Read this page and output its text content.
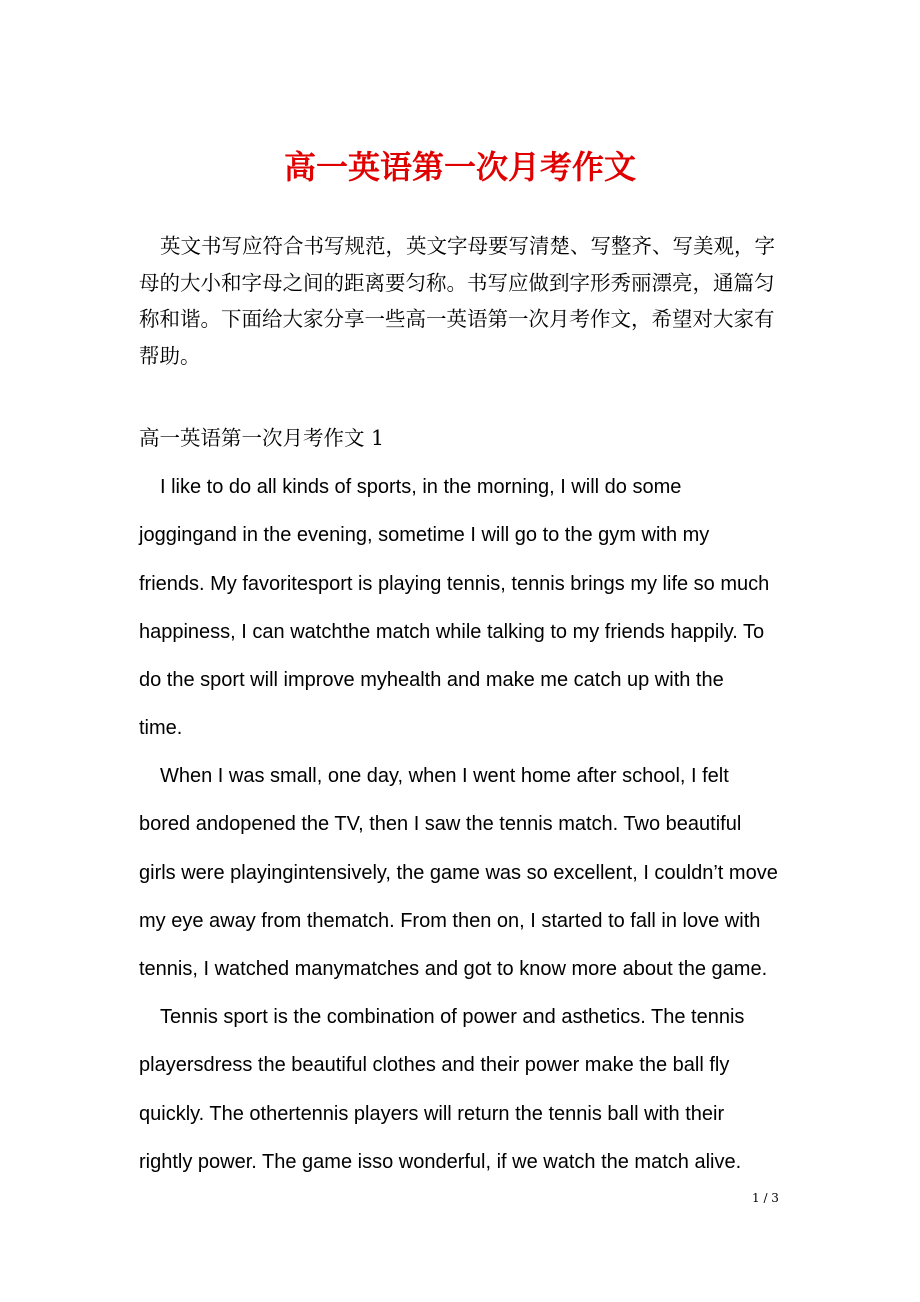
高一英语第一次月考作文

英文书写应符合书写规范，英文字母要写清楚、写整齐、写美观，字母的大小和字母之间的距离要匀称。书写应做到字形秀丽漂亮，通篇匀称和谐。下面给大家分享一些高一英语第一次月考作文，希望对大家有帮助。

高一英语第一次月考作文 1

I like to do all kinds of sports, in the morning, I will do some
joggingand in the evening, sometime I will go to the gym with my
friends. My favoritesport is playing tennis, tennis brings my life so much
happiness, I can watchthe match while talking to my friends happily. To
do the sport will improve myhealth and make me catch up with the
time.
When I was small, one day, when I went home after school, I felt
bored andopened the TV, then I saw the tennis match. Two beautiful
girls were playingintensively, the game was so excellent, I couldn’t move
my eye away from thematch. From then on, I started to fall in love with
tennis, I watched manymatches and got to know more about the game.
Tennis sport is the combination of power and asthetics. The tennis
playersdress the beautiful clothes and their power make the ball fly
quickly. The othertennis players will return the tennis ball with their
rightly power. The game isso wonderful, if we watch the match alive.

1 / 3
